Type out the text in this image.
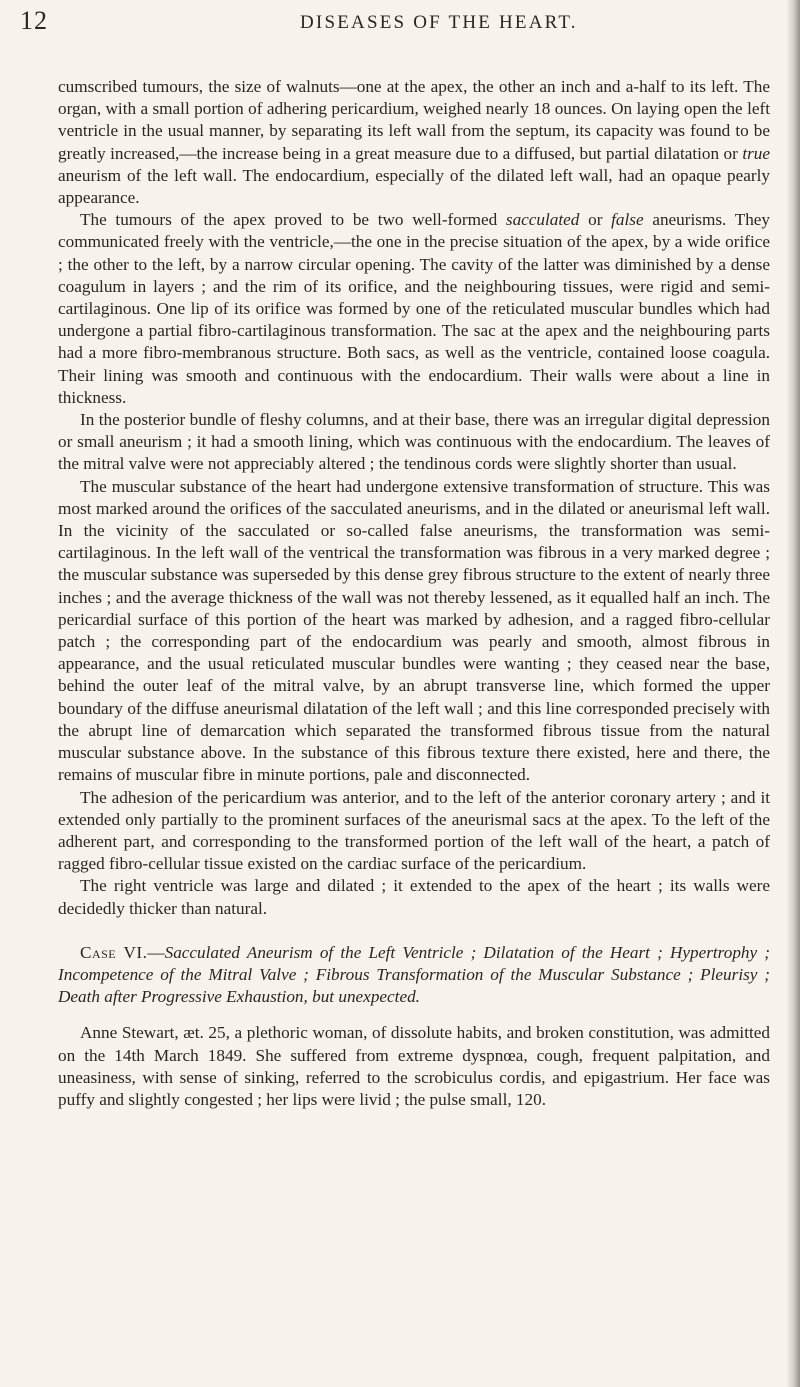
12	DISEASES OF THE HEART.

cumscribed tumours, the size of walnuts—one at the apex, the other an inch and a-half to its left. The organ, with a small portion of adhering pericardium, weighed nearly 18 ounces. On laying open the left ventricle in the usual manner, by separating its left wall from the septum, its capacity was found to be greatly increased,—the increase being in a great measure due to a diffused, but partial dilatation or true aneurism of the left wall. The endocardium, especially of the dilated left wall, had an opaque pearly appearance.

The tumours of the apex proved to be two well-formed sacculated or false aneurisms. They communicated freely with the ventricle,—the one in the precise situation of the apex, by a wide orifice ; the other to the left, by a narrow circular opening. The cavity of the latter was diminished by a dense coagulum in layers ; and the rim of its orifice, and the neighbouring tissues, were rigid and semi-cartilaginous. One lip of its orifice was formed by one of the reticulated muscular bundles which had undergone a partial fibro-cartilaginous transformation. The sac at the apex and the neighbouring parts had a more fibro-membranous structure. Both sacs, as well as the ventricle, contained loose coagula. Their lining was smooth and continuous with the endocardium. Their walls were about a line in thickness.

In the posterior bundle of fleshy columns, and at their base, there was an irregular digital depression or small aneurism ; it had a smooth lining, which was continuous with the endocardium. The leaves of the mitral valve were not appreciably altered ; the tendinous cords were slightly shorter than usual.

The muscular substance of the heart had undergone extensive transformation of structure. This was most marked around the orifices of the sacculated aneurisms, and in the dilated or aneurismal left wall. In the vicinity of the sacculated or so-called false aneurisms, the transformation was semi-cartilaginous. In the left wall of the ventrical the transformation was fibrous in a very marked degree ; the muscular substance was superseded by this dense grey fibrous structure to the extent of nearly three inches ; and the average thickness of the wall was not thereby lessened, as it equalled half an inch. The pericardial surface of this portion of the heart was marked by adhesion, and a ragged fibro-cellular patch ; the corresponding part of the endocardium was pearly and smooth, almost fibrous in appearance, and the usual reticulated muscular bundles were wanting ; they ceased near the base, behind the outer leaf of the mitral valve, by an abrupt transverse line, which formed the upper boundary of the diffuse aneurismal dilatation of the left wall ; and this line corresponded precisely with the abrupt line of demarcation which separated the transformed fibrous tissue from the natural muscular substance above. In the substance of this fibrous texture there existed, here and there, the remains of muscular fibre in minute portions, pale and disconnected.

The adhesion of the pericardium was anterior, and to the left of the anterior coronary artery ; and it extended only partially to the prominent surfaces of the aneurismal sacs at the apex. To the left of the adherent part, and corresponding to the transformed portion of the left wall of the heart, a patch of ragged fibro-cellular tissue existed on the cardiac surface of the pericardium.

The right ventricle was large and dilated ; it extended to the apex of the heart ; its walls were decidedly thicker than natural.

Case VI.—Sacculated Aneurism of the Left Ventricle ; Dilatation of the Heart ; Hypertrophy ; Incompetence of the Mitral Valve ; Fibrous Transformation of the Muscular Substance ; Pleurisy ; Death after Progressive Exhaustion, but unexpected.

Anne Stewart, æt. 25, a plethoric woman, of dissolute habits, and broken constitution, was admitted on the 14th March 1849. She suffered from extreme dyspnœa, cough, frequent palpitation, and uneasiness, with sense of sinking, referred to the scrobiculus cordis, and epigastrium. Her face was puffy and slightly congested ; her lips were livid ; the pulse small, 120.
